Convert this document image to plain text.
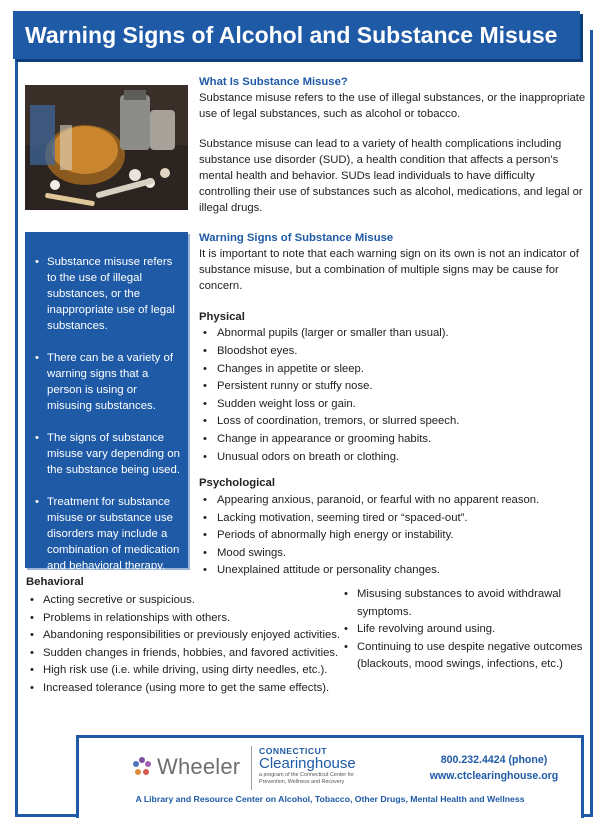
Warning Signs of Alcohol and Substance Misuse
• Substance misuse refers to the use of illegal substances, or the inappropriate use of legal substances.
• There can be a variety of warning signs that a person is using or misusing substances.
• The signs of substance misuse vary depending on the substance being used.
• Treatment for substance misuse or substance use disorders may include a combination of medication and behavioral therapy.

What Is Substance Misuse?

Substance misuse refers to the use of illegal substances, or the inappropriate use of legal substances, such as alcohol or tobacco.

Substance misuse can lead to a variety of health complications including substance use disorder (SUD), a health condition that affects a person's mental health and behavior. SUDs lead individuals to have difficulty controlling their use of substances such as alcohol, medications, and legal or illegal drugs.

Warning Signs of Substance Misuse

It is important to note that each warning sign on its own is not an indicator of substance misuse, but a combination of multiple signs may be cause for concern.

Physical

• Abnormal pupils (larger or smaller than usual).
• Bloodshot eyes.
• Changes in appetite or sleep.
• Persistent runny or stuffy nose.
• Sudden weight loss or gain.
• Loss of coordination, tremors, or slurred speech.
• Change in appearance or grooming habits.
• Unusual odors on breath or clothing.

Psychological

• Appearing anxious, paranoid, or fearful with no apparent reason.
• Lacking motivation, seeming tired or “spaced-out”.
• Periods of abnormally high energy or instability.
• Mood swings.
• Unexplained attitude or personality changes.
Behavioral
• Acting secretive or suspicious.
• Problems in relationships with others.
• Abandoning responsibilities or previously enjoyed activities.
• Sudden changes in friends, hobbies, and favored activities.
• High risk use (i.e. while driving, using dirty needles, etc.).
• Increased tolerance (using more to get the same effects).
• Misusing substances to avoid withdrawal symptoms.
• Life revolving around using.
• Continuing to use despite negative outcomes (blackouts, mood swings, infections, etc.)
Wheeler
CONNECTICUT
Clearinghouse
a program of the Connecticut Center for Prevention, Wellness and Recovery
800.232.4424 (phone)
www.ctclearinghouse.org
A Library and Resource Center on Alcohol, Tobacco, Other Drugs, Mental Health and Wellness
